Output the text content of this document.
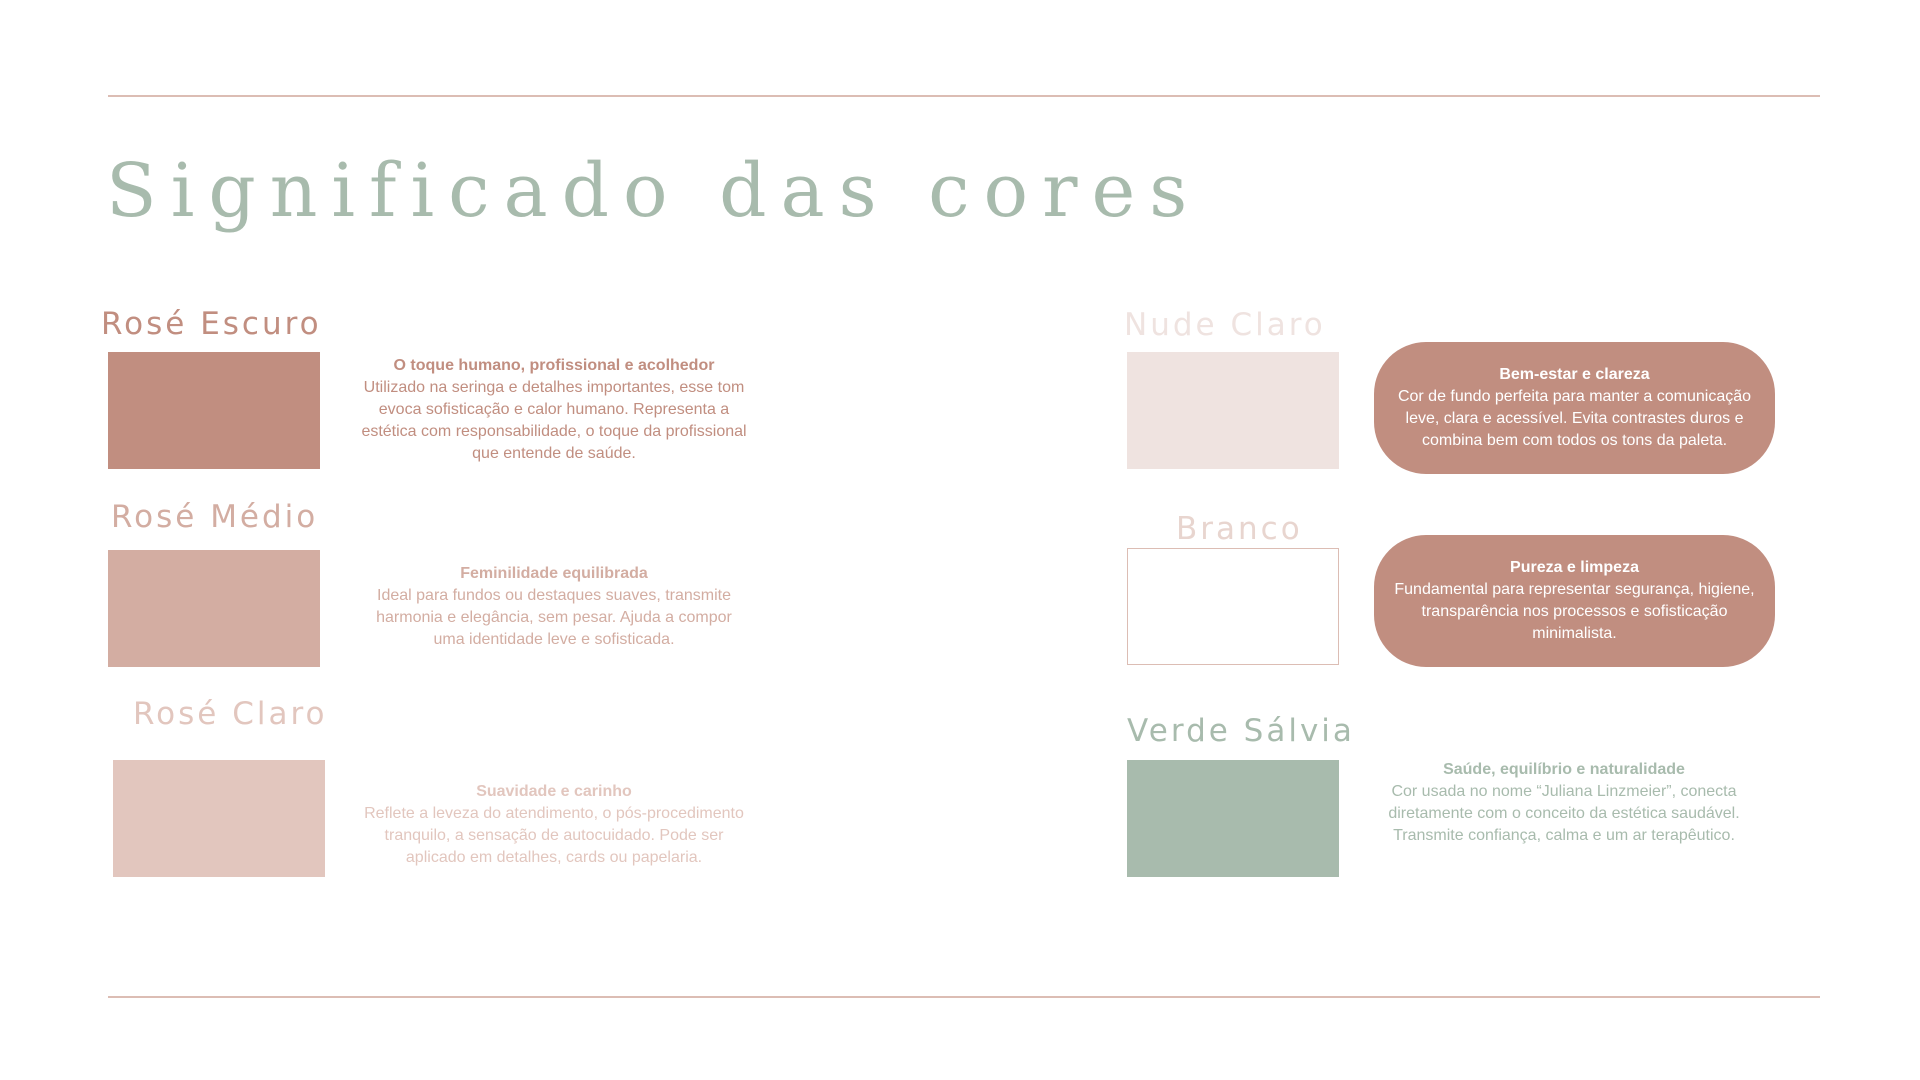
Significado das cores
Rosé Escuro
O toque humano, profissional e acolhedor
Utilizado na seringa e detalhes importantes, esse tom evoca sofisticação e calor humano. Representa a estética com responsabilidade, o toque da profissional que entende de saúde.
Rosé Médio
Feminilidade equilibrada
Ideal para fundos ou destaques suaves, transmite harmonia e elegância, sem pesar. Ajuda a compor uma identidade leve e sofisticada.
Rosé Claro
Suavidade e carinho
Reflete a leveza do atendimento, o pós-procedimento tranquilo, a sensação de autocuidado. Pode ser aplicado em detalhes, cards ou papelaria.
Nude Claro
Bem-estar e clareza
Cor de fundo perfeita para manter a comunicação leve, clara e acessível. Evita contrastes duros e combina bem com todos os tons da paleta.
Branco
Pureza e limpeza
Fundamental para representar segurança, higiene, transparência nos processos e sofisticação minimalista.
Verde Sálvia
Saúde, equilíbrio e naturalidade
Cor usada no nome “Juliana Linzmeier”, conecta diretamente com o conceito da estética saudável. Transmite confiança, calma e um ar terapêutico.
